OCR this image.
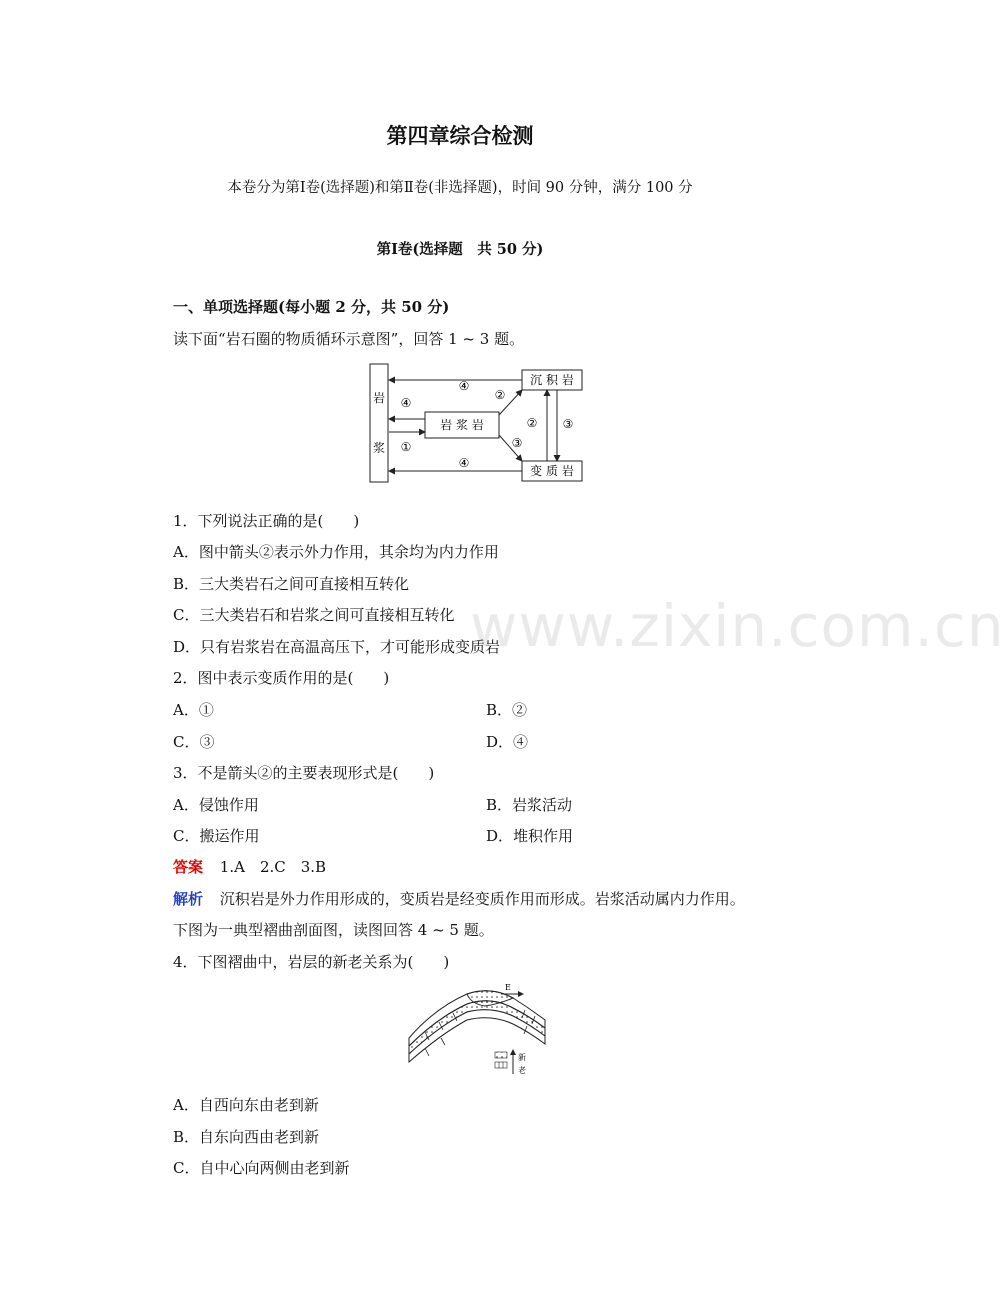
第四章综合检测
本卷分为第Ⅰ卷(选择题)和第Ⅱ卷(非选择题)，时间 90 分钟，满分 100 分
第Ⅰ卷(选择题　共 50 分)
一、单项选择题(每小题 2 分，共 50 分)
读下面“岩石圈的物质循环示意图”，回答 1 ~ 3 题。
岩
浆
岩 浆 岩
沉 积 岩
变 质 岩
④
④
④
①
②
③
② ③
1．下列说法正确的是(　　)
A．图中箭头②表示外力作用，其余均为内力作用
B．三大类岩石之间可直接相互转化
C．三大类岩石和岩浆之间可直接相互转化
D．只有岩浆岩在高温高压下，才可能形成变质岩
www.zixin.com.cn
2．图中表示变质作用的是(　　)
A．①	B．②
C．③	D．④
3．不是箭头②的主要表现形式是(　　)
A．侵蚀作用	B．岩浆活动
C．搬运作用	D．堆积作用
答案 1.A　2.C　3.B
解析 沉积岩是外力作用形成的，变质岩是经变质作用而形成。岩浆活动属内力作用。
下图为一典型褶曲剖面图，读图回答 4 ~ 5 题。
4．下图褶曲中，岩层的新老关系为(　　)
E
新
老
A．自西向东由老到新
B．自东向西由老到新
C．自中心向两侧由老到新
